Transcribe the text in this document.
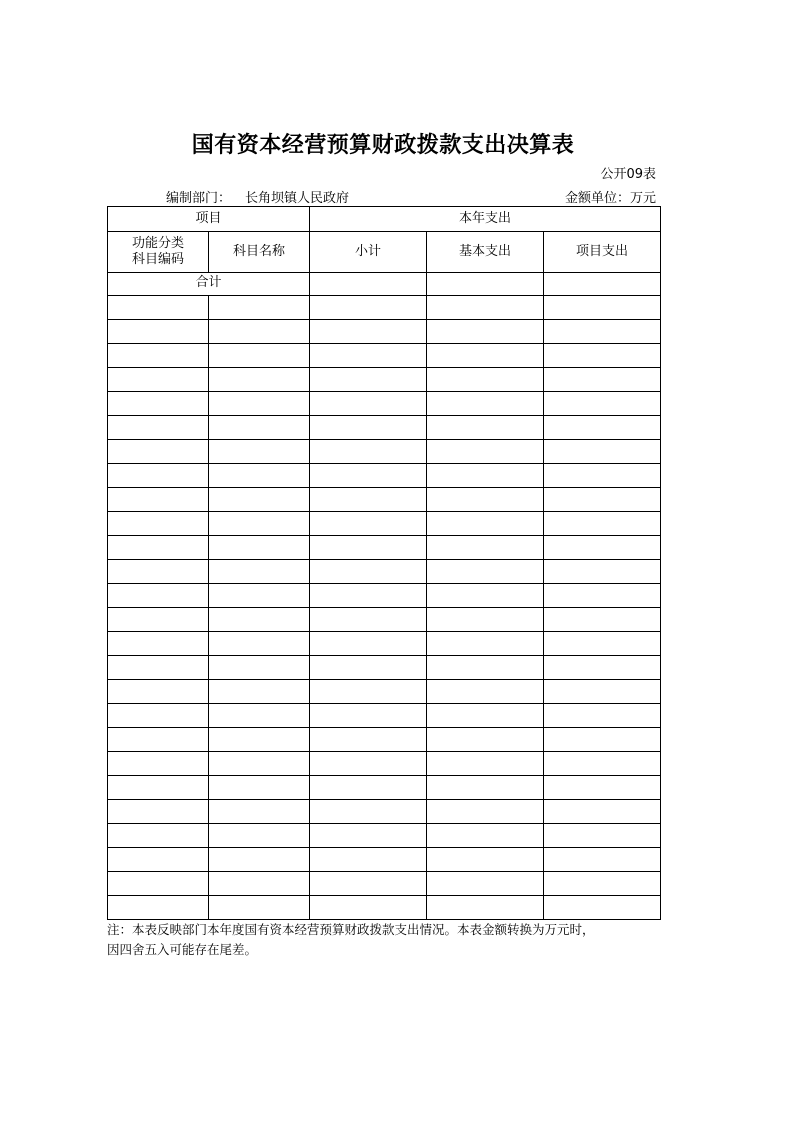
国有资本经营预算财政拨款支出决算表
公开09表
编制部门： 长角坝镇人民政府	金额单位：万元
项目		本年支出		

功能分类
科目编码	科目名称	小计	基本支出	项目支出
合计				

注：本表反映部门本年度国有资本经营预算财政拨款支出情况。本表金额转换为万元时，
因四舍五入可能存在尾差。
